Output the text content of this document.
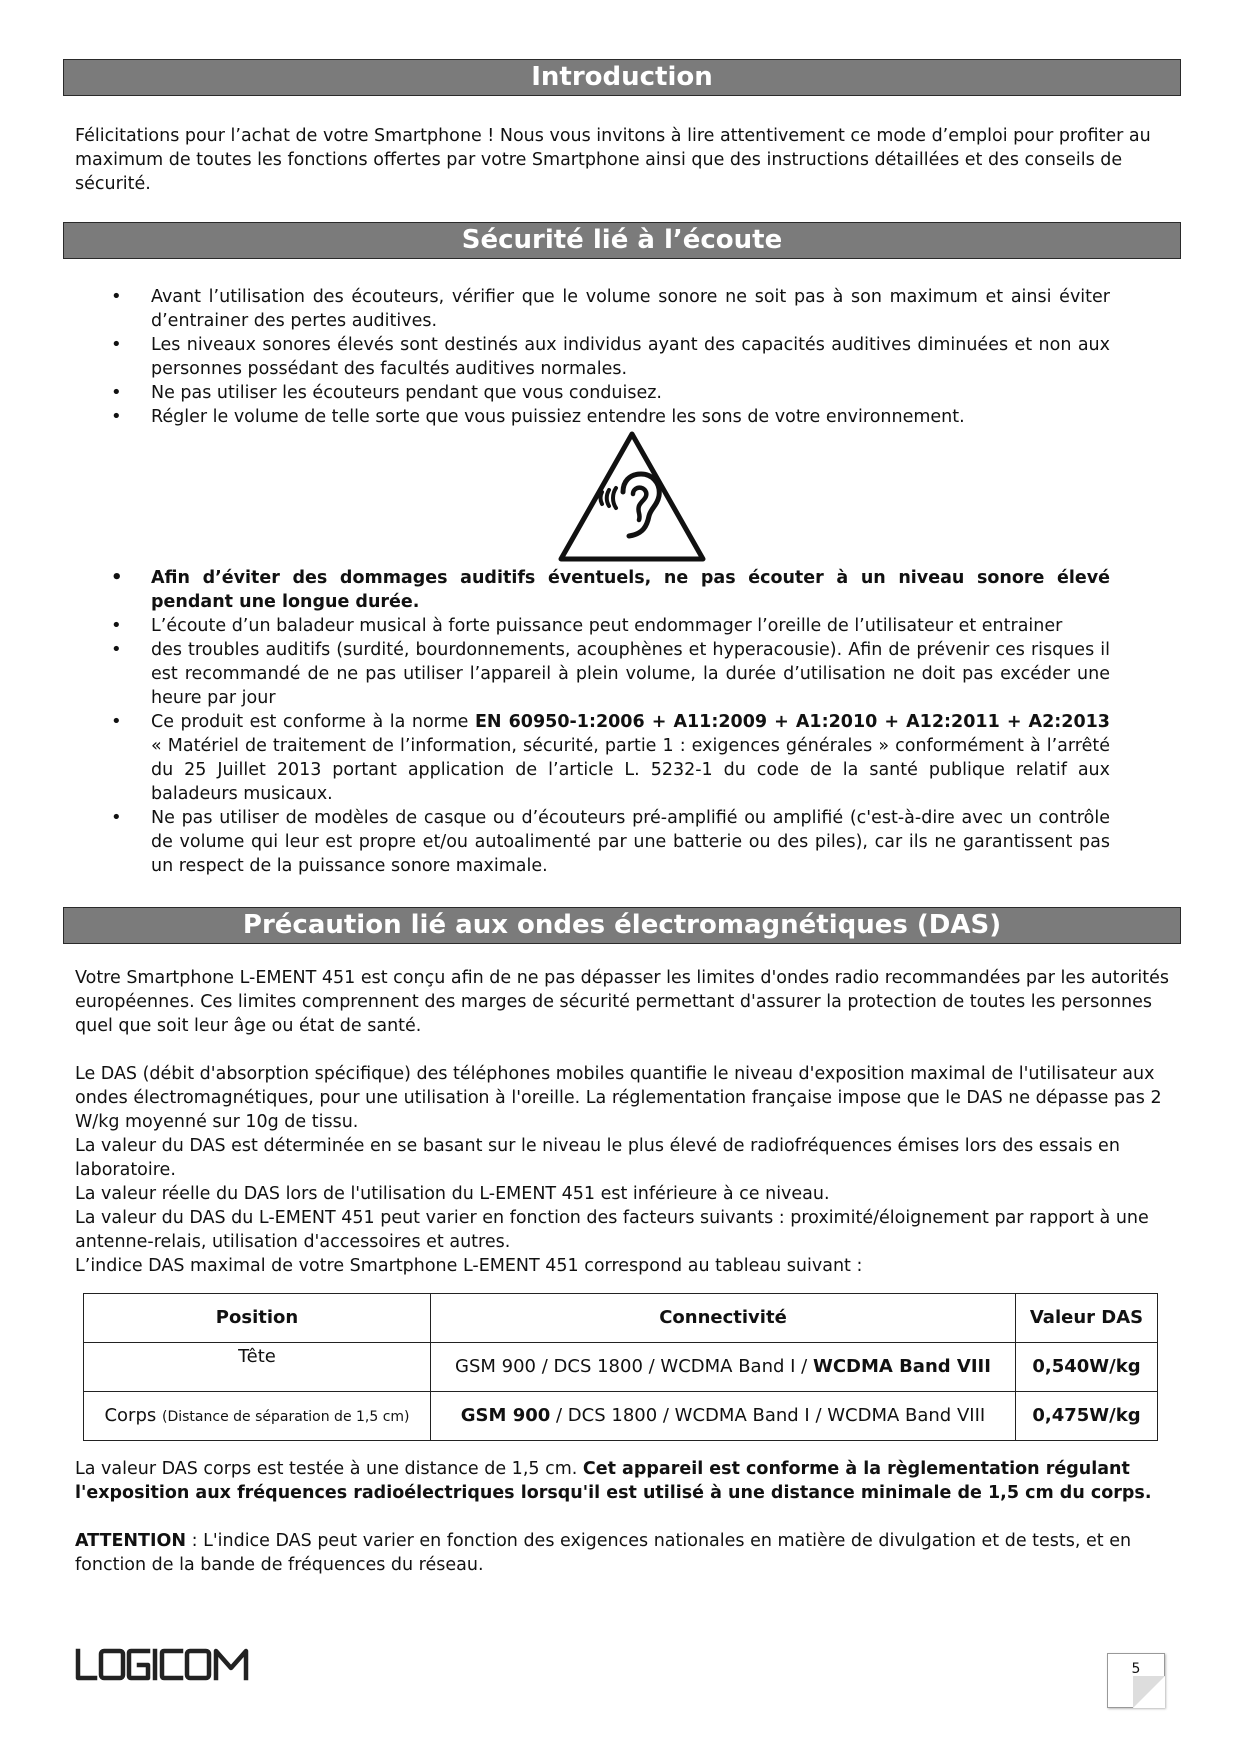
Introduction

Félicitations pour l’achat de votre Smartphone ! Nous vous invitons à lire attentivement ce mode d’emploi pour profiter au maximum de toutes les fonctions offertes par votre Smartphone ainsi que des instructions détaillées et des conseils de sécurité.

Sécurité lié à l’écoute
• Avant l’utilisation des écouteurs, vérifier que le volume sonore ne soit pas à son maximum et ainsi éviter d’entrainer des pertes auditives.
• Les niveaux sonores élevés sont destinés aux individus ayant des capacités auditives diminuées et non aux personnes possédant des facultés auditives normales.
• Ne pas utiliser les écouteurs pendant que vous conduisez.
• Régler le volume de telle sorte que vous puissiez entendre les sons de votre environnement.
• Afin d’éviter des dommages auditifs éventuels, ne pas écouter à un niveau sonore élevé pendant une longue durée.
• L’écoute d’un baladeur musical à forte puissance peut endommager l’oreille de l’utilisateur et entrainer
• des troubles auditifs (surdité, bourdonnements, acouphènes et hyperacousie). Afin de prévenir ces risques il est recommandé de ne pas utiliser l’appareil à plein volume, la durée d’utilisation ne doit pas excéder une heure par jour
• Ce produit est conforme à la norme EN 60950-1:2006 + A11:2009 + A1:2010 + A12:2011 + A2:2013 « Matériel de traitement de l’information, sécurité, partie 1 : exigences générales » conformément à l’arrêté du 25 Juillet 2013 portant application de l’article L. 5232-1 du code de la santé publique relatif aux baladeurs musicaux.
• Ne pas utiliser de modèles de casque ou d’écouteurs pré-amplifié ou amplifié (c'est-à-dire avec un contrôle de volume qui leur est propre et/ou autoalimenté par une batterie ou des piles), car ils ne garantissent pas un respect de la puissance sonore maximale.
Précaution lié aux ondes électromagnétiques (DAS)

Votre Smartphone L-EMENT 451 est conçu afin de ne pas dépasser les limites d'ondes radio recommandées par les autorités européennes. Ces limites comprennent des marges de sécurité permettant d'assurer la protection de toutes les personnes quel que soit leur âge ou état de santé.

Le DAS (débit d'absorption spécifique) des téléphones mobiles quantifie le niveau d'exposition maximal de l'utilisateur aux ondes électromagnétiques, pour une utilisation à l'oreille. La réglementation française impose que le DAS ne dépasse pas 2 W/kg moyenné sur 10g de tissu.
La valeur du DAS est déterminée en se basant sur le niveau le plus élevé de radiofréquences émises lors des essais en laboratoire.
La valeur réelle du DAS lors de l'utilisation du L-EMENT 451 est inférieure à ce niveau.
La valeur du DAS du L-EMENT 451 peut varier en fonction des facteurs suivants : proximité/éloignement par rapport à une antenne-relais, utilisation d'accessoires et autres.
L’indice DAS maximal de votre Smartphone L-EMENT 451 correspond au tableau suivant :
Position	Connectivité	Valeur DAS
Tête	GSM 900 / DCS 1800 / WCDMA Band I / WCDMA Band VIII	0,540W/kg
Corps (Distance de séparation de 1,5 cm)	GSM 900 / DCS 1800 / WCDMA Band I / WCDMA Band VIII	0,475W/kg

La valeur DAS corps est testée à une distance de 1,5 cm. Cet appareil est conforme à la règlementation régulant l'exposition aux fréquences radioélectriques lorsqu'il est utilisé à une distance minimale de 1,5 cm du corps.

ATTENTION : L'indice DAS peut varier en fonction des exigences nationales en matière de divulgation et de tests, et en fonction de la bande de fréquences du réseau.

5
